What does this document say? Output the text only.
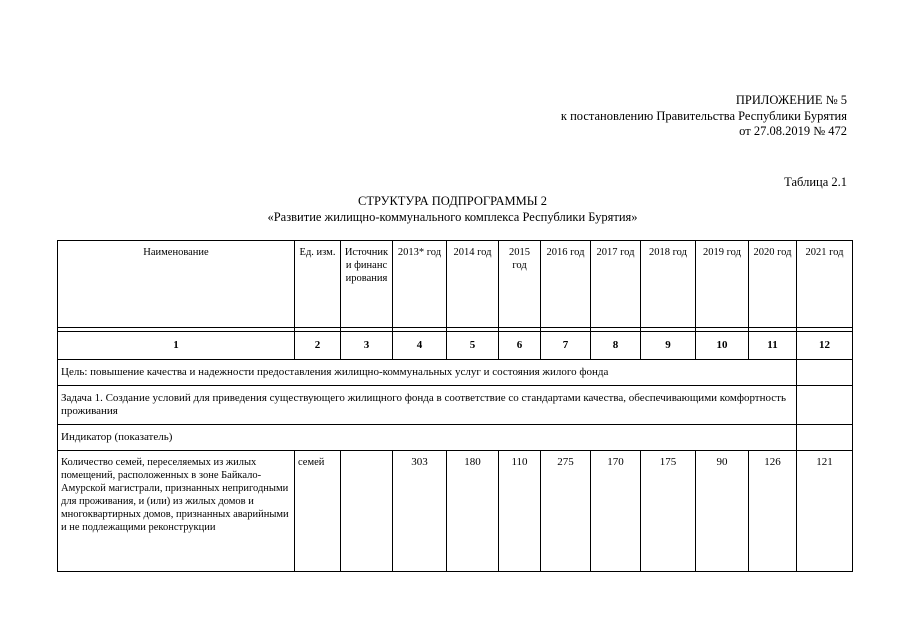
ПРИЛОЖЕНИЕ № 5
к постановлению Правительства Республики Бурятия
от 27.08.2019 № 472
Таблица 2.1
СТРУКТУРА ПОДПРОГРАММЫ 2
«Развитие жилищно-коммунального комплекса Республики Бурятия»
Наименование	Ед. изм.	Источники финансирования	2013* год	2014 год	2015 год	2016 год	2017 год	2018 год	2019 год	2020 год	2021 год

1	2	3	4	5	6	7	8	9	10	11	12
Цель: повышение качества и надежности предоставления жилищно-коммунальных услуг и состояния жилого фонда											
Задача 1. Создание условий для приведения существующего жилищного фонда в соответствие со стандартами качества, обеспечивающими комфортность проживания											
Индикатор (показатель)											
Количество семей, переселяемых из жилых помещений, расположенных в зоне Байкало-Амурской магистрали, признанных непригодными для проживания, и (или) из жилых домов и многоквартирных домов, признанных аварийными и не подлежащими реконструкции	семей		303	180	110	275	170	175	90	126	121
